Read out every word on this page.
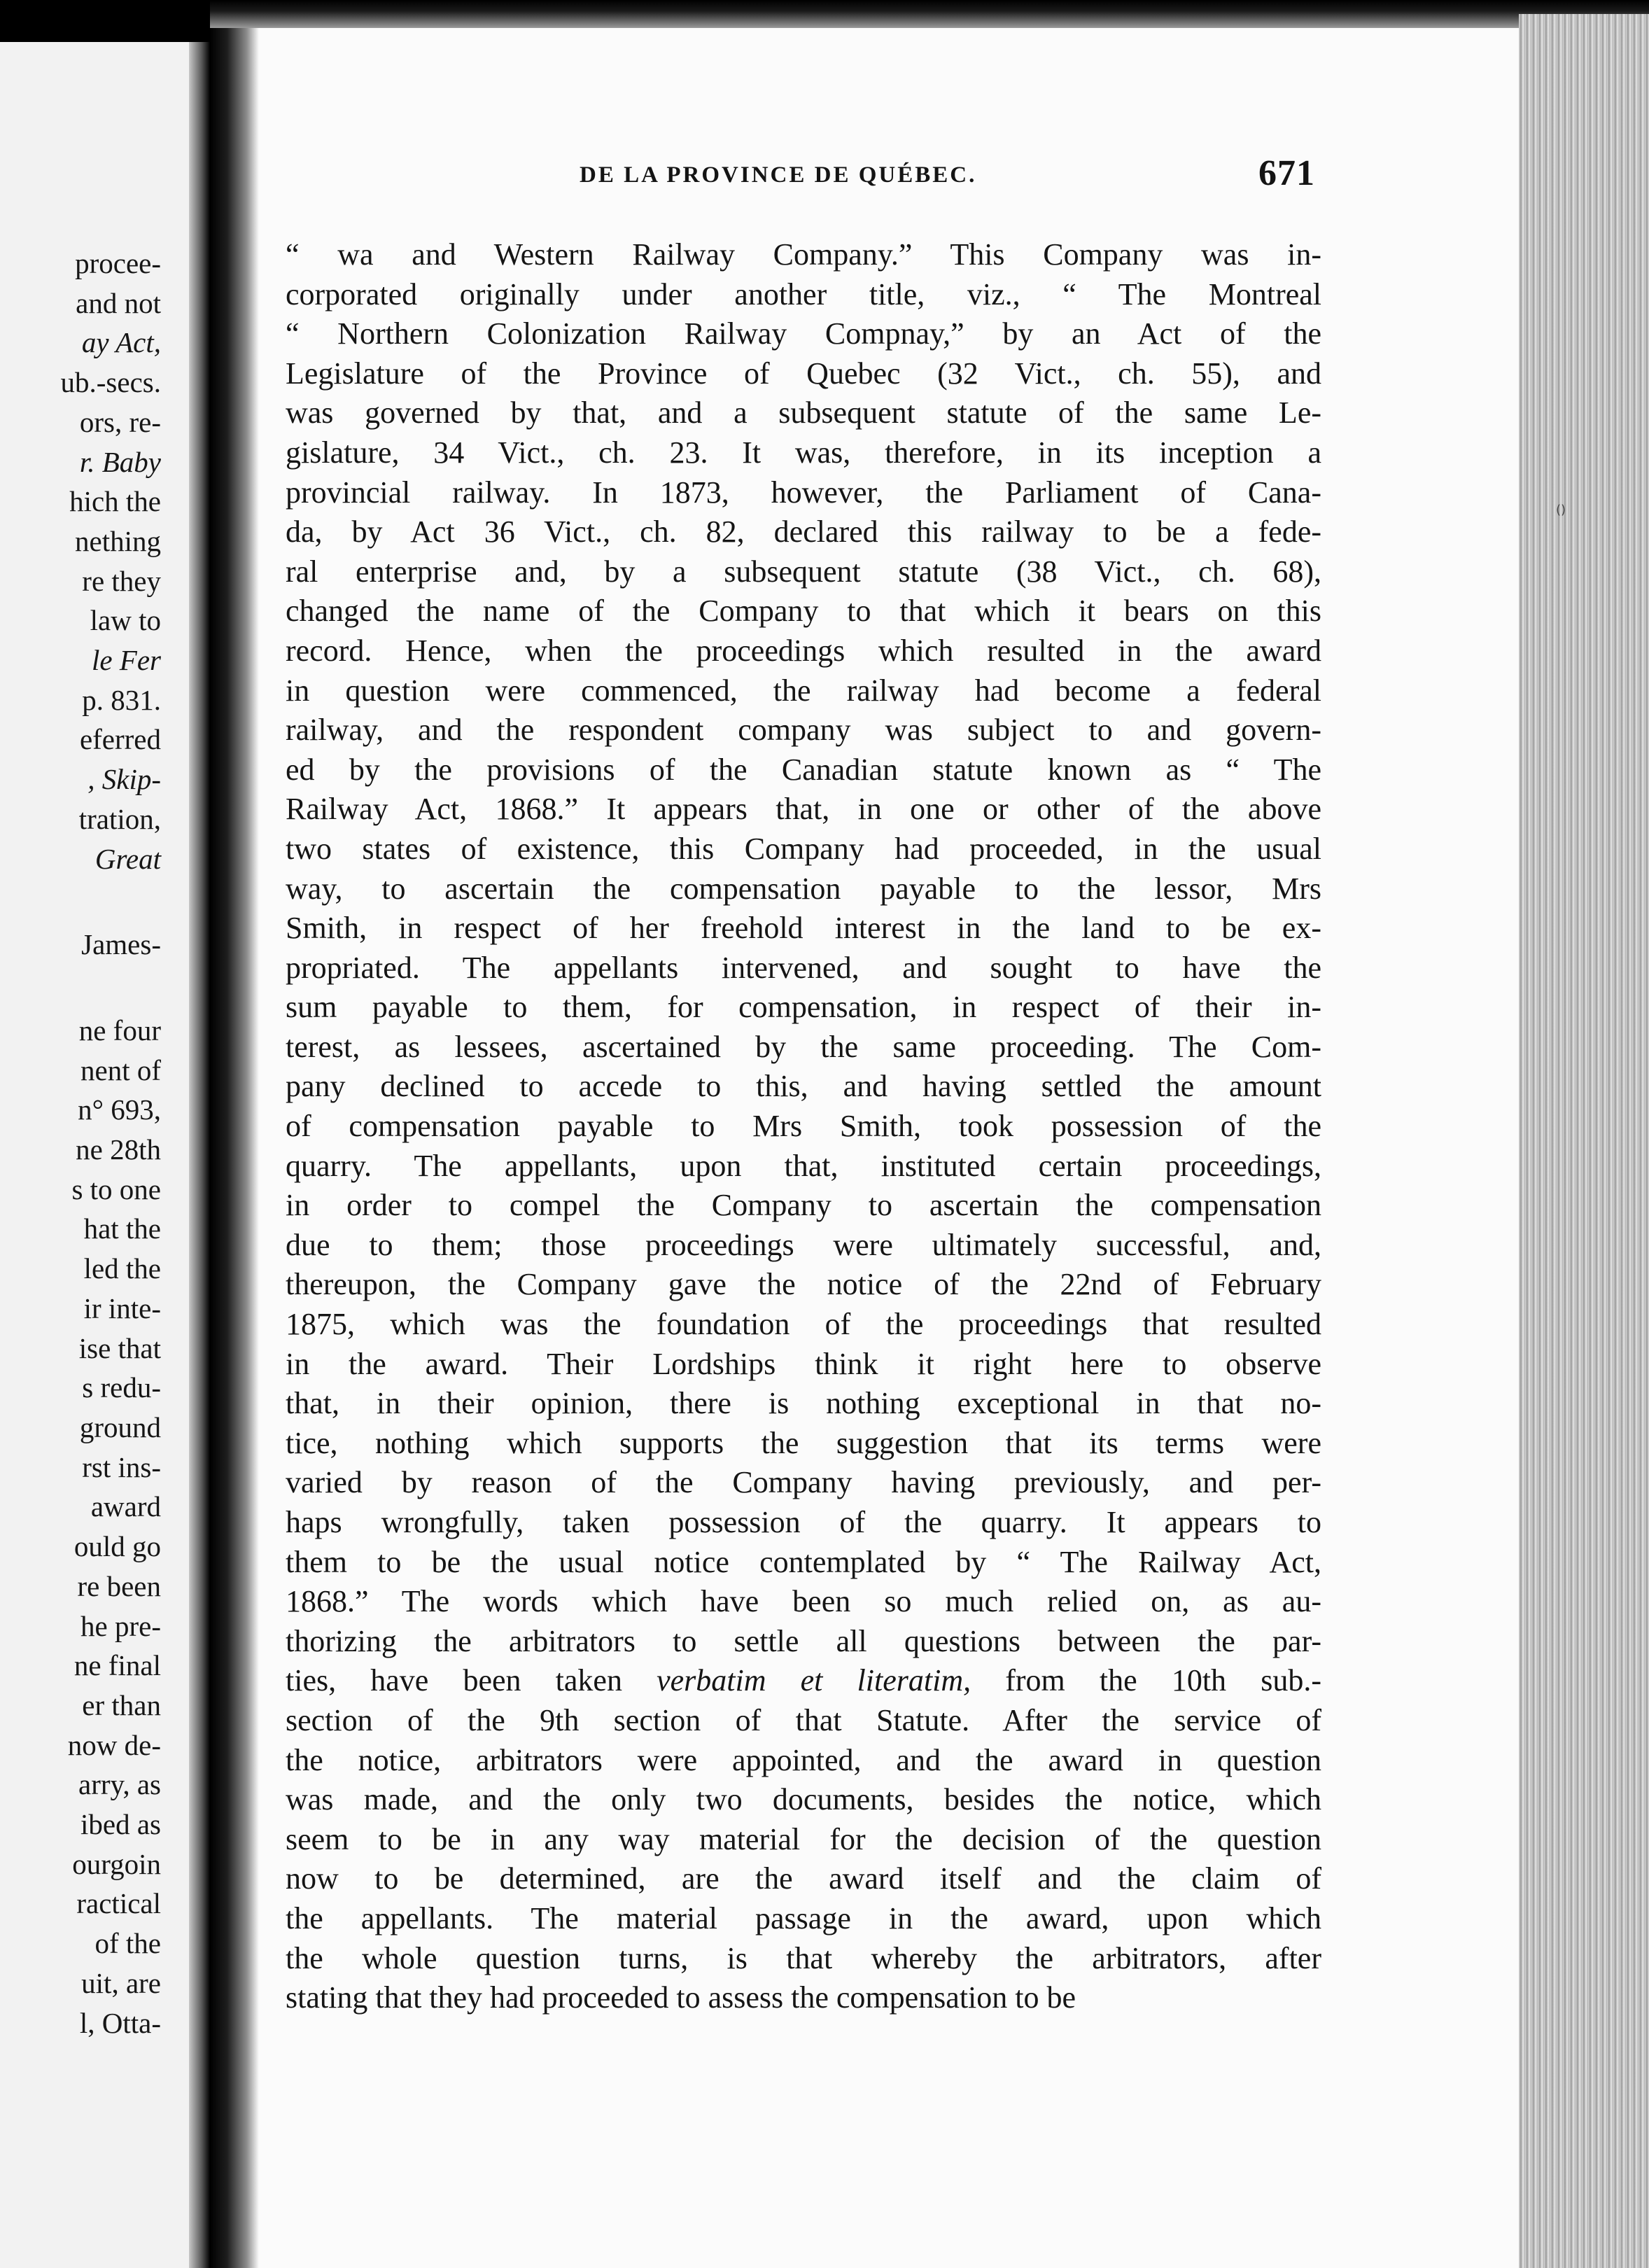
procee-
and not
ay Act,
ub.-secs.
ors, re-
r. Baby
hich the
nething
re they
law to
le Fer
p. 831.
eferred
, Skip-
tration,
Great
James-
ne four
nent of
n° 693,
ne 28th
s to one
hat the
led the
ir inte-
ise that
s redu-
ground
rst ins-
award
ould go
re been
he pre-
ne final
er than
now de-
arry, as
ibed as
ourgoin
ractical
of the
uit, are
l, Otta-
DE LA PROVINCE DE QUÉBEC.	671
“ wa and Western Railway Company.” This Company was in-
corporated originally under another title, viz., “ The Montreal
“ Northern Colonization Railway Compnay,” by an Act of the
Legislature of the Province of Quebec (32 Vict., ch. 55), and
was governed by that, and a subsequent statute of the same Le-
gislature, 34 Vict., ch. 23. It was, therefore, in its inception a
provincial railway. In 1873, however, the Parliament of Cana-
da, by Act 36 Vict., ch. 82, declared this railway to be a fede-
ral enterprise and, by a subsequent statute (38 Vict., ch. 68),
changed the name of the Company to that which it bears on this
record. Hence, when the proceedings which resulted in the award
in question were commenced, the railway had become a federal
railway, and the respondent company was subject to and govern-
ed by the provisions of the Canadian statute known as “ The
Railway Act, 1868.” It appears that, in one or other of the above
two states of existence, this Company had proceeded, in the usual
way, to ascertain the compensation payable to the lessor, Mrs
Smith, in respect of her freehold interest in the land to be ex-
propriated. The appellants intervened, and sought to have the
sum payable to them, for compensation, in respect of their in-
terest, as lessees, ascertained by the same proceeding. The Com-
pany declined to accede to this, and having settled the amount
of compensation payable to Mrs Smith, took possession of the
quarry. The appellants, upon that, instituted certain proceedings,
in order to compel the Company to ascertain the compensation
due to them; those proceedings were ultimately successful, and,
thereupon, the Company gave the notice of the 22nd of February
1875, which was the foundation of the proceedings that resulted
in the award. Their Lordships think it right here to observe
that, in their opinion, there is nothing exceptional in that no-
tice, nothing which supports the suggestion that its terms were
varied by reason of the Company having previously, and per-
haps wrongfully, taken possession of the quarry. It appears to
them to be the usual notice contemplated by “ The Railway Act,
1868.” The words which have been so much relied on, as au-
thorizing the arbitrators to settle all questions between the par-
ties, have been taken verbatim et literatim, from the 10th sub.-
section of the 9th section of that Statute. After the service of
the notice, arbitrators were appointed, and the award in question
was made, and the only two documents, besides the notice, which
seem to be in any way material for the decision of the question
now to be determined, are the award itself and the claim of
the appellants. The material passage in the award, upon which
the whole question turns, is that whereby the arbitrators, after
stating that they had proceeded to assess the compensation to be
()
